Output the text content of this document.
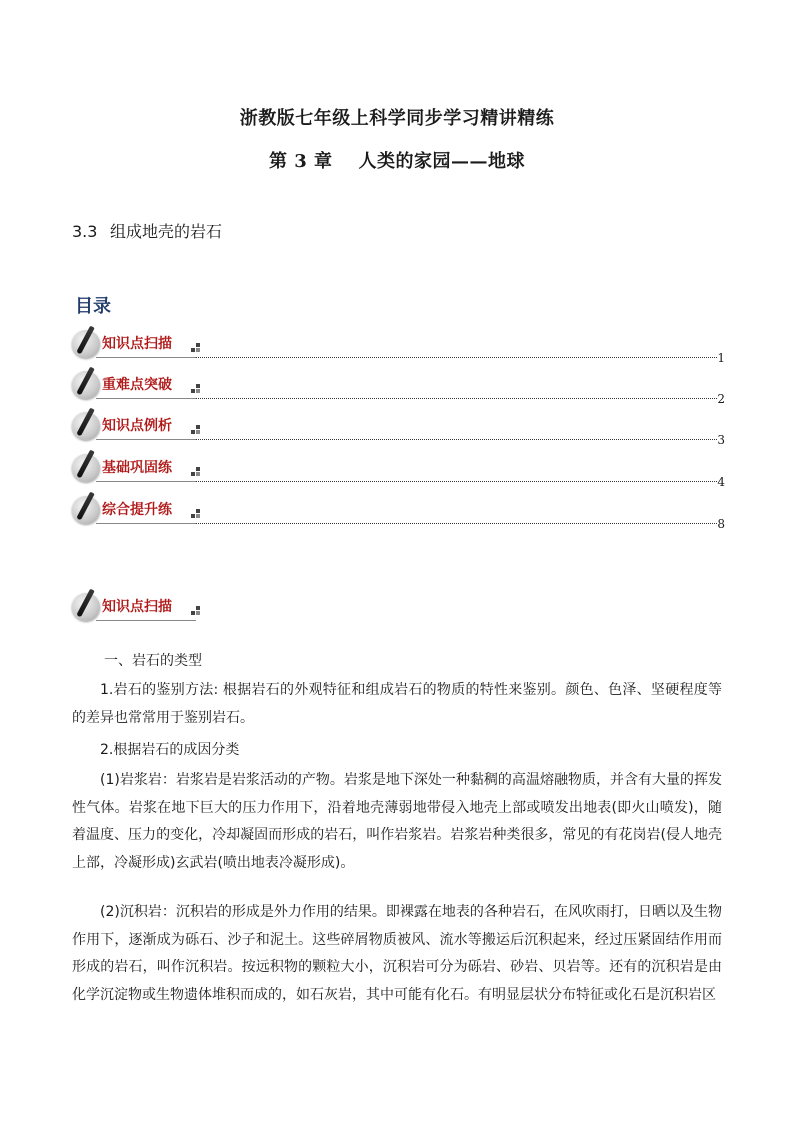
浙教版七年级上科学同步学习精讲精练
第 3 章 人类的家园——地球
3.3 组成地壳的岩石
目录
知识点扫描
1
重难点突破
2
知识点例析
3
基础巩固练
4
综合提升练
8
知识点扫描
一、岩石的类型
1.岩石的鉴别方法: 根据岩石的外观特征和组成岩石的物质的特性来鉴别。颜色、色泽、坚硬程度等的差异也常常用于鉴别岩石。
2.根据岩石的成因分类
(1)岩浆岩：岩浆岩是岩浆活动的产物。岩浆是地下深处一种黏稠的高温熔融物质，并含有大量的挥发性气体。岩浆在地下巨大的压力作用下，沿着地壳薄弱地带侵入地壳上部或喷发出地表(即火山喷发)，随着温度、压力的变化，冷却凝固而形成的岩石，叫作岩浆岩。岩浆岩种类很多，常见的有花岗岩(侵人地壳上部，冷凝形成)玄武岩(喷出地表冷凝形成)。
(2)沉积岩：沉积岩的形成是外力作用的结果。即裸露在地表的各种岩石，在风吹雨打，日晒以及生物作用下，逐渐成为砾石、沙子和泥土。这些碎屑物质被风、流水等搬运后沉积起来，经过压紧固结作用而形成的岩石，叫作沉积岩。按远积物的颗粒大小，沉积岩可分为砾岩、砂岩、贝岩等。还有的沉积岩是由化学沉淀物或生物遗体堆积而成的，如石灰岩，其中可能有化石。有明显层状分布特征或化石是沉积岩区
